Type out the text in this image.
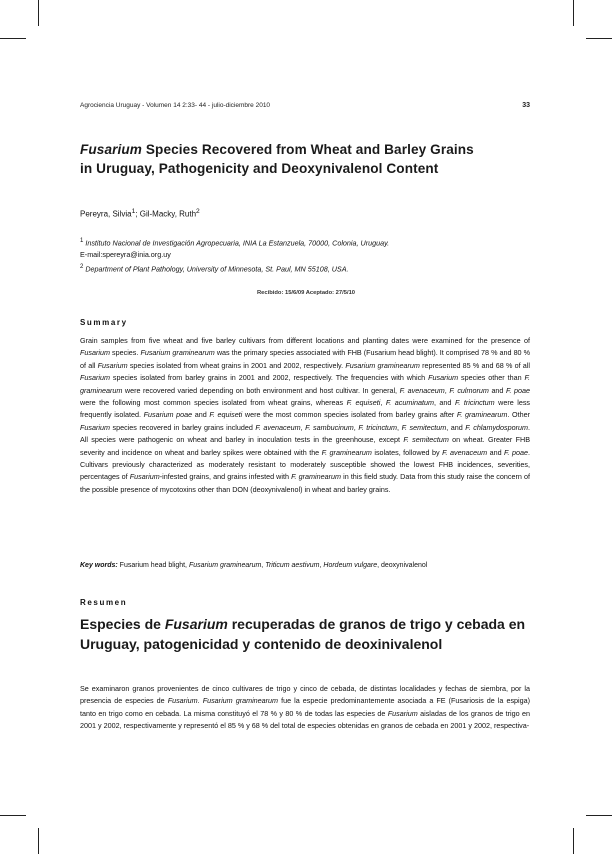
Agrociencia Uruguay - Volumen 14 2:33- 44 - julio-diciembre 2010	33
Fusarium Species Recovered from Wheat and Barley Grains
in Uruguay, Pathogenicity and Deoxynivalenol Content
Pereyra, Silvia$^1$; Gil-Macky, Ruth$^2$
$^1$ Instituto Nacional de Investigación Agropecuaria, INIA La Estanzuela, 70000, Colonia, Uruguay.
E-mail:spereyra@inia.org.uy
$^2$ Department of Plant Pathology, University of Minnesota, St. Paul, MN 55108, USA.
Recibido: 15/6/09 Aceptado: 27/5/10
Summary

Grain samples from five wheat and five barley cultivars from different locations and planting dates were examined for the presence of Fusarium species. Fusarium graminearum was the primary species associated with FHB (Fusarium head blight). It comprised 78 % and 80 % of all Fusarium species isolated from wheat grains in 2001 and 2002, respectively. Fusarium graminearum represented 85 % and 68 % of all Fusarium species isolated from barley grains in 2001 and 2002, respectively. The frequencies with which Fusarium species other than F. graminearum were recovered varied depending on both environment and host cultivar. In general, F. avenaceum, F. culmorum and F. poae were the following most common species isolated from wheat grains, whereas F. equiseti, F. acuminatum, and F. tricinctum were less frequently isolated. Fusarium poae and F. equiseti were the most common species isolated from barley grains after F. graminearum. Other Fusarium species recovered in barley grains included F. avenaceum, F. sambucinum, F. tricinctum, F. semitectum, and F. chlamydosporum. All species were pathogenic on wheat and barley in inoculation tests in the greenhouse, except F. semitectum on wheat. Greater FHB severity and incidence on wheat and barley spikes were obtained with the F. graminearum isolates, followed by F. avenaceum and F. poae. Cultivars previously characterized as moderately resistant to moderately susceptible showed the lowest FHB incidences, severities, percentages of Fusarium-infested grains, and grains infested with F. graminearum in this field study. Data from this study raise the concern of the possible presence of mycotoxins other than DON (deoxynivalenol) in wheat and barley grains.

Key words: Fusarium head blight, Fusarium graminearum, Triticum aestivum, Hordeum vulgare, deoxynivalenol
Resumen
Especies de Fusarium recuperadas de granos de trigo y cebada en Uruguay, patogenicidad y contenido de deoxinivalenol

Se examinaron granos provenientes de cinco cultivares de trigo y cinco de cebada, de distintas localidades y fechas de siembra, por la presencia de especies de Fusarium. Fusarium graminearum fue la especie predominantemente asociada a FE (Fusariosis de la espiga) tanto en trigo como en cebada. La misma constituyó el 78 % y 80 % de todas las especies de Fusarium aisladas de los granos de trigo en 2001 y 2002, respectivamente y representó el 85 % y 68 % del total de especies obtenidas en granos de cebada en 2001 y 2002, respectiva-
